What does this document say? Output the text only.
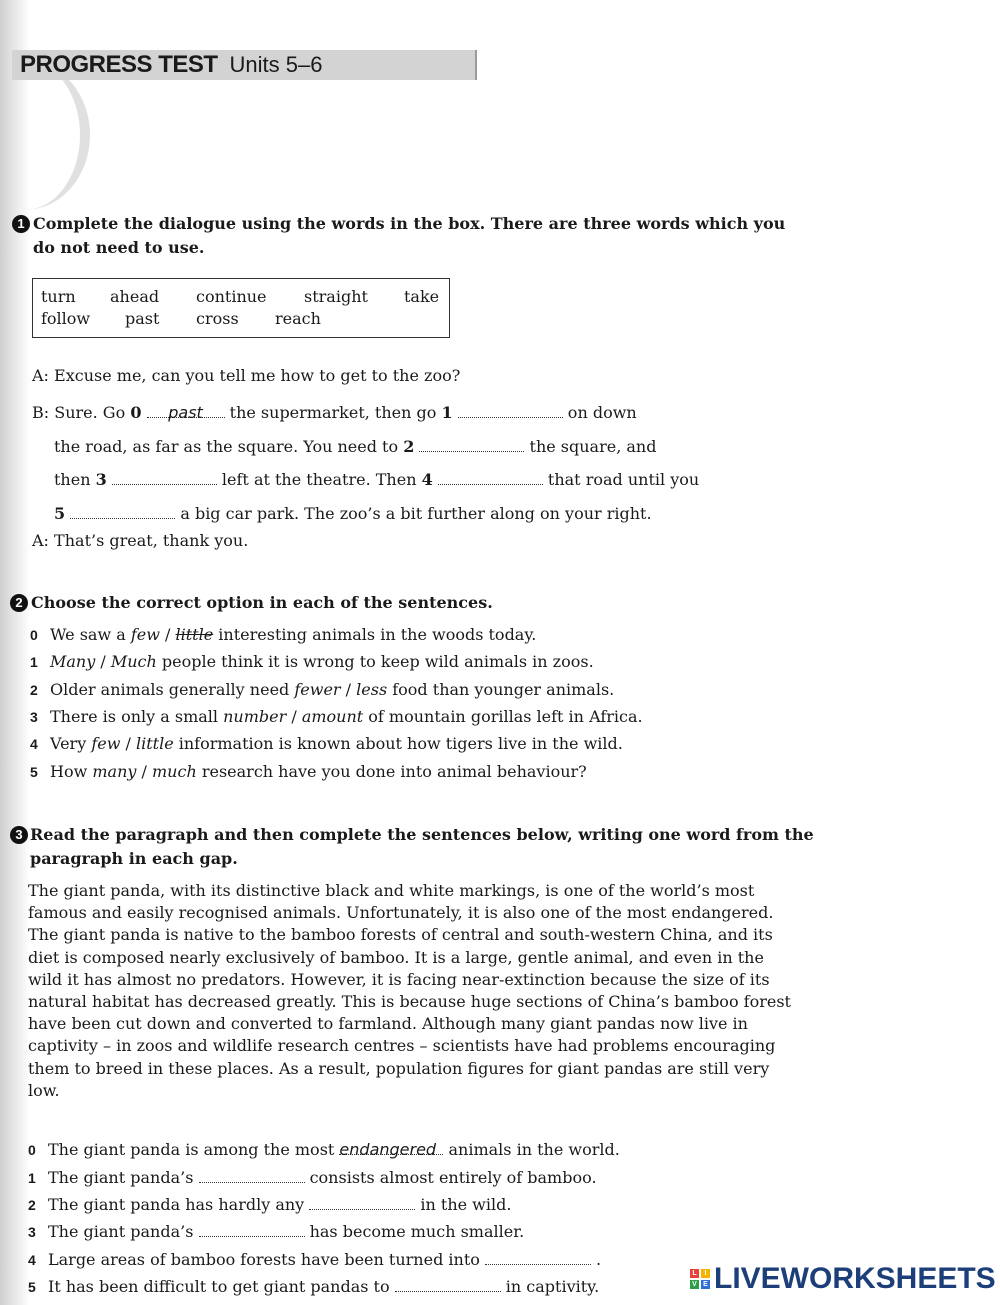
PROGRESS TEST Units 5–6
1 Complete the dialogue using the words in the box. There are three words which you
do not need to use.
turn ahead continue straight take
follow past cross reach
A: Excuse me, can you tell me how to get to the zoo?
B: Sure. Go 0 past the supermarket, then go 1	on down
the road, as far as the square. You need to 2	the square, and
then 3	left at the theatre. Then 4	that road until you
5	a big car park. The zoo’s a bit further along on your right.
A: That’s great, thank you.
2 Choose the correct option in each of the sentences.
0 We saw a few / little interesting animals in the woods today.
1 Many / Much people think it is wrong to keep wild animals in zoos.
2 Older animals generally need fewer / less food than younger animals.
3 There is only a small number / amount of mountain gorillas left in Africa.
4 Very few / little information is known about how tigers live in the wild.
5 How many / much research have you done into animal behaviour?
3 Read the paragraph and then complete the sentences below, writing one word from the
paragraph in each gap.
The giant panda, with its distinctive black and white markings, is one of the world’s most
famous and easily recognised animals. Unfortunately, it is also one of the most endangered.
The giant panda is native to the bamboo forests of central and south-western China, and its
diet is composed nearly exclusively of bamboo. It is a large, gentle animal, and even in the
wild it has almost no predators. However, it is facing near-extinction because the size of its
natural habitat has decreased greatly. This is because huge sections of China’s bamboo forest
have been cut down and converted to farmland. Although many giant pandas now live in
captivity – in zoos and wildlife research centres – scientists have had problems encouraging
them to breed in these places. As a result, population figures for giant pandas are still very
low.
0 The giant panda is among the most endangered animals in the world.
1 The giant panda’s	consists almost entirely of bamboo.
2 The giant panda has hardly any	in the wild.
3 The giant panda’s	has become much smaller.
4 Large areas of bamboo forests have been turned into	.
5 It has been difficult to get giant pandas to	in captivity.
L	I
V E LIVEWORKSHEETS
